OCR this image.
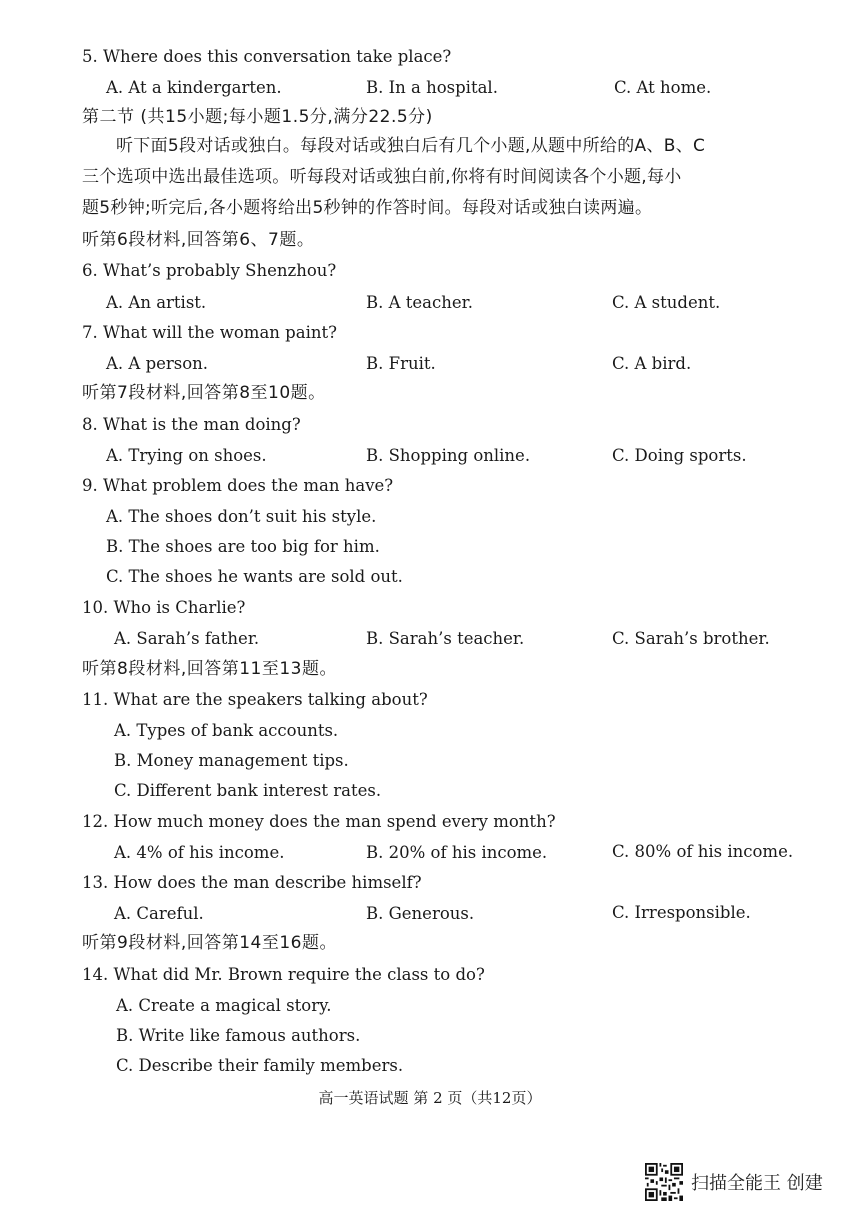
5. Where does this conversation take place?
A. At a kindergarten.	B. In a hospital.	C. At home.
第二节 (共15小题;每小题1.5分,满分22.5分)
听下面5段对话或独白。每段对话或独白后有几个小题,从题中所给的A、B、C
三个选项中选出最佳选项。听每段对话或独白前,你将有时间阅读各个小题,每小
题5秒钟;听完后,各小题将给出5秒钟的作答时间。每段对话或独白读两遍。
听第6段材料,回答第6、7题。
6. What’s probably Shenzhou?
A. An artist.	B. A teacher.	C. A student.
7. What will the woman paint?
A. A person.	B. Fruit.	C. A bird.
听第7段材料,回答第8至10题。
8. What is the man doing?
A. Trying on shoes.	B. Shopping online.	C. Doing sports.
9. What problem does the man have?
A. The shoes don’t suit his style.
B. The shoes are too big for him.
C. The shoes he wants are sold out.
10. Who is Charlie?
A. Sarah’s father.	B. Sarah’s teacher.	C. Sarah’s brother.
听第8段材料,回答第11至13题。
11. What are the speakers talking about?
A. Types of bank accounts.
B. Money management tips.
C. Different bank interest rates.
12. How much money does the man spend every month?
A. 4% of his income.	B. 20% of his income.	C. 80% of his income.
13. How does the man describe himself?
A. Careful.	B. Generous.	C. Irresponsible.
听第9段材料,回答第14至16题。
14. What did Mr. Brown require the class to do?
A. Create a magical story.
B. Write like famous authors.
C. Describe their family members.
高一英语试题 第 2 页（共12页）
扫描全能王 创建
